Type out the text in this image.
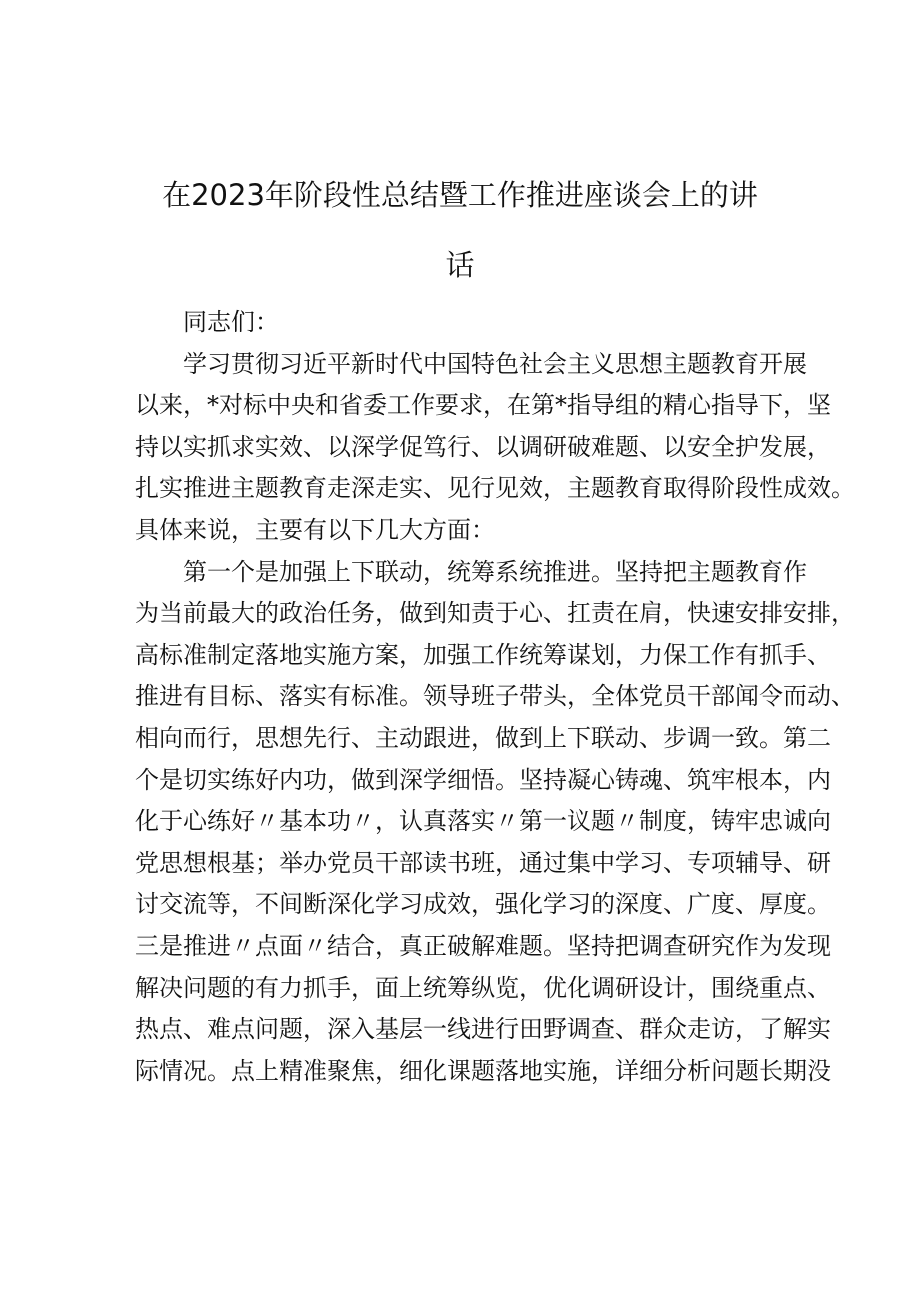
在2023年阶段性总结暨工作推进座谈会上的讲
话
同志们：
学习贯彻习近平新时代中国特色社会主义思想主题教育开展
以来，*对标中央和省委工作要求，在第*指导组的精心指导下，坚
持以实抓求实效、以深学促笃行、以调研破难题、以安全护发展，
扎实推进主题教育走深走实、见行见效，主题教育取得阶段性成效。
具体来说，主要有以下几大方面：
第一个是加强上下联动，统筹系统推进。坚持把主题教育作
为当前最大的政治任务，做到知责于心、扛责在肩，快速安排安排，
高标准制定落地实施方案，加强工作统筹谋划，力保工作有抓手、
推进有目标、落实有标准。领导班子带头，全体党员干部闻令而动、
相向而行，思想先行、主动跟进，做到上下联动、步调一致。第二
个是切实练好内功，做到深学细悟。坚持凝心铸魂、筑牢根本，内
化于心练好〃基本功〃，认真落实〃第一议题〃制度，铸牢忠诚向
党思想根基；举办党员干部读书班，通过集中学习、专项辅导、研
讨交流等，不间断深化学习成效，强化学习的深度、广度、厚度。
三是推进〃点面〃结合，真正破解难题。坚持把调查研究作为发现
解决问题的有力抓手，面上统筹纵览，优化调研设计，围绕重点、
热点、难点问题，深入基层一线进行田野调查、群众走访，了解实
际情况。点上精准聚焦，细化课题落地实施，详细分析问题长期没
